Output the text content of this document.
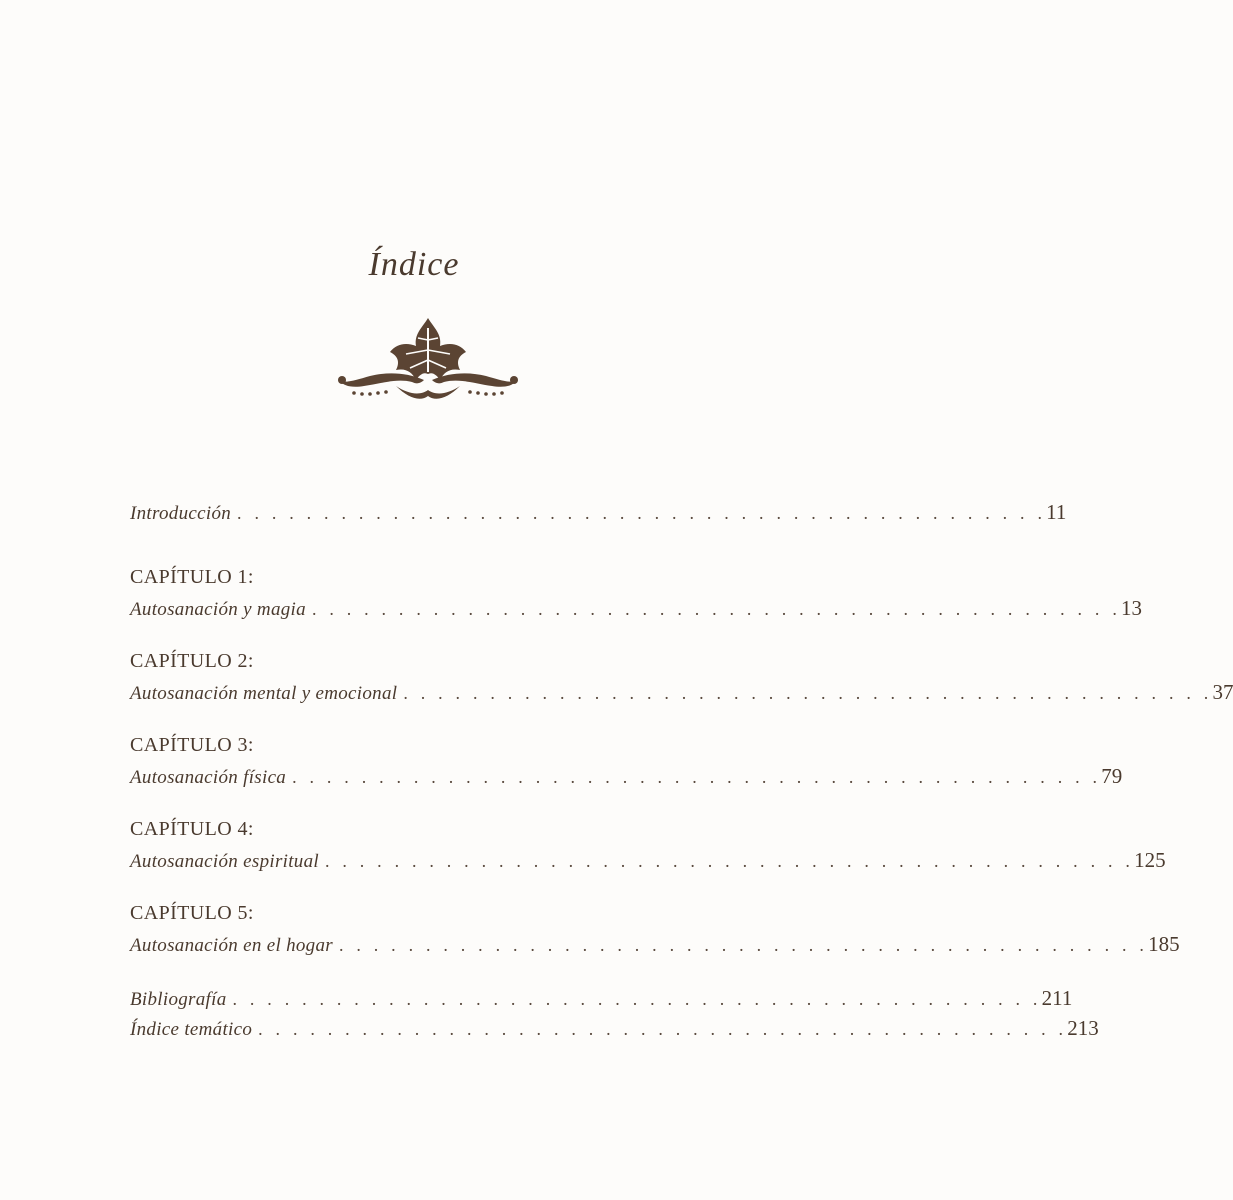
Índice
Introducción . . . . . . . . . . . . . . . . . . . . . . . . . . . . . . . . . . . . . . . . . . . . . . . 11
CAPÍTULO 1:
Autosanación y magia . . . . . . . . . . . . . . . . . . . . . . . . . . . . . . . . . . . . . . . . . . . . . . . 13
CAPÍTULO 2:
Autosanación mental y emocional . . . . . . . . . . . . . . . . . . . . . . . . . . . . . . . . . . . . . . . . . . . . . . . 37
CAPÍTULO 3:
Autosanación física . . . . . . . . . . . . . . . . . . . . . . . . . . . . . . . . . . . . . . . . . . . . . . . 79
CAPÍTULO 4:
Autosanación espiritual . . . . . . . . . . . . . . . . . . . . . . . . . . . . . . . . . . . . . . . . . . . . . . . 125
CAPÍTULO 5:
Autosanación en el hogar . . . . . . . . . . . . . . . . . . . . . . . . . . . . . . . . . . . . . . . . . . . . . . . 185
Bibliografía . . . . . . . . . . . . . . . . . . . . . . . . . . . . . . . . . . . . . . . . . . . . . . . 211
Índice temático . . . . . . . . . . . . . . . . . . . . . . . . . . . . . . . . . . . . . . . . . . . . . . . 213
